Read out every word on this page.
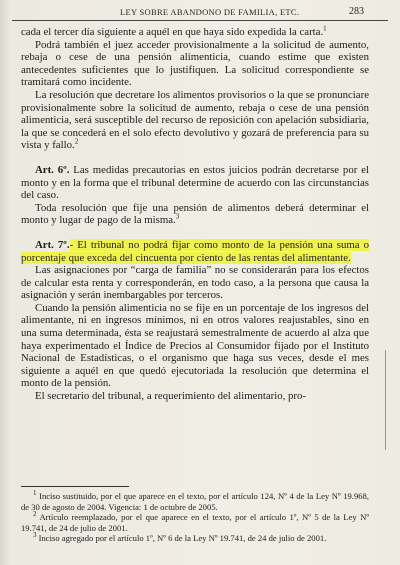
LEY SOBRE ABANDONO DE FAMILIA, ETC.	283

cada el tercer día siguiente a aquél en que haya sido expedida la carta.$^1$

Podrá también el juez acceder provisionalmente a la solicitud de aumento, rebaja o cese de una pensión alimenticia, cuando estime que existen antecedentes suficientes que lo justifiquen. La solicitud correspondiente se tramitará como incidente.

La resolución que decretare los alimentos provisorios o la que se pronunciare provisionalmente sobre la solicitud de aumento, rebaja o cese de una pensión alimenticia, será susceptible del recurso de reposición con apelación subsidiaria, la que se concederá en el solo efecto devolutivo y gozará de preferencia para su vista y fallo.$^2$

Art. 6º. Las medidas precautorias en estos juicios podrán decretarse por el monto y en la forma que el tribunal determine de acuerdo con las circunstancias del caso.

Toda resolución que fije una pensión de alimentos deberá determinar el monto y lugar de pago de la misma.$^3$

Art. 7º.- El tribunal no podrá fijar como monto de la pensión una suma o porcentaje que exceda del cincuenta por ciento de las rentas del alimentante.

Las asignaciones por “carga de familia” no se considerarán para los efectos de calcular esta renta y corresponderán, en todo caso, a la persona que causa la asignación y serán inembargables por terceros.

Cuando la pensión alimenticia no se fije en un porcentaje de los ingresos del alimentante, ni en ingresos mínimos, ni en otros valores reajustables, sino en una suma determinada, ésta se reajustará semestralmente de acuerdo al alza que haya experimentado el Índice de Precios al Consumidor fijado por el Instituto Nacional de Estadísticas, o el organismo que haga sus veces, desde el mes siguiente a aquél en que quedó ejecutoriada la resolución que determina el monto de la pensión.

El secretario del tribunal, a requerimiento del alimentario, pro-

$^1$ Inciso sustituido, por el que aparece en el texto, por el artículo 124, Nº 4 de la Ley Nº 19.968, de 30 de agosto de 2004. Vigencia: 1 de octubre de 2005.

$^2$ Artículo reemplazado, por el que aparece en el texto, por el artículo 1º, Nº 5 de la Ley Nº 19.741, de 24 de julio de 2001.

$^3$ Inciso agregado por el artículo 1º, Nº 6 de la Ley Nº 19.741, de 24 de julio de 2001.
